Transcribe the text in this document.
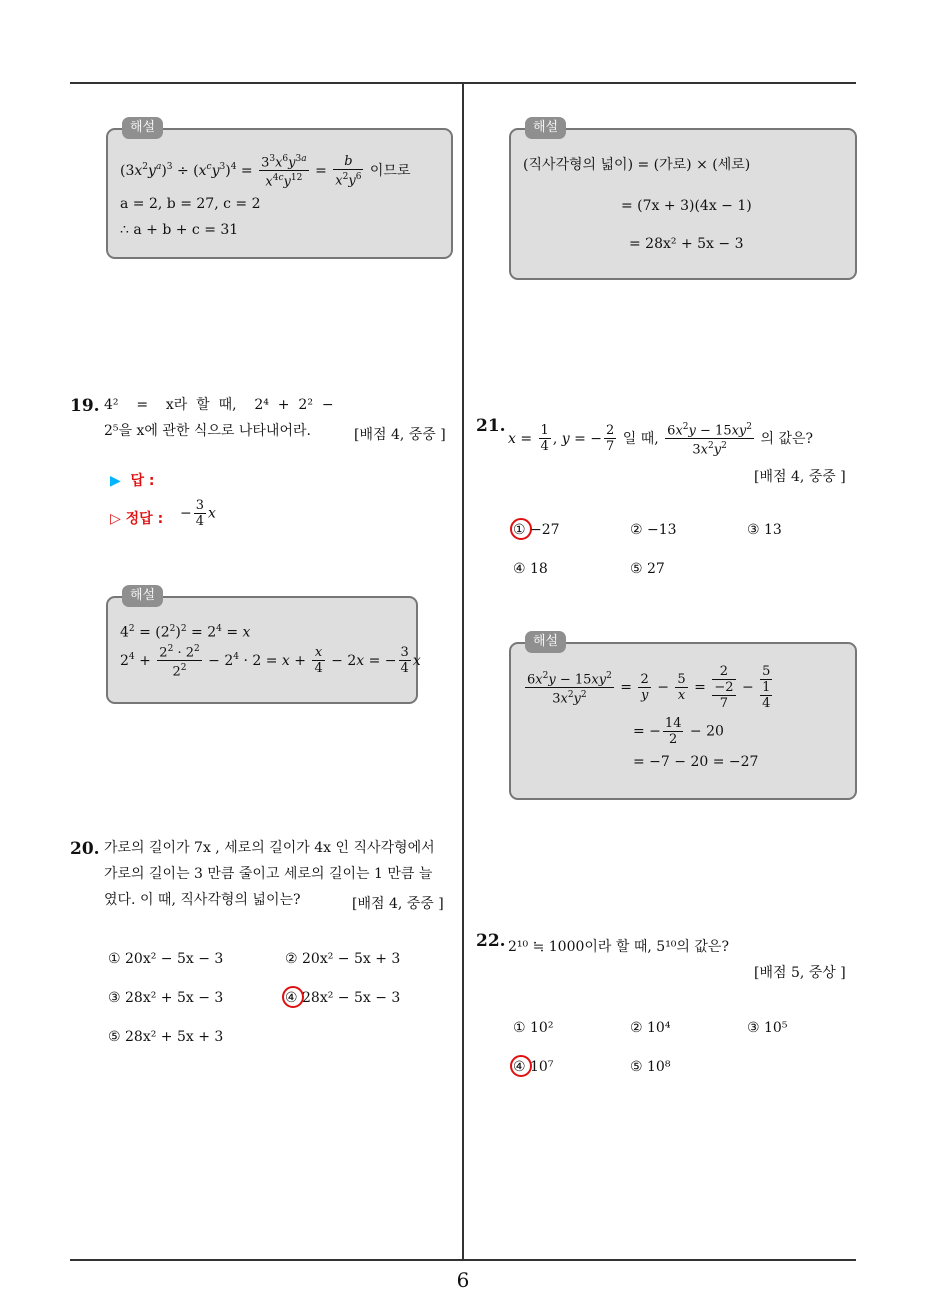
해설
$(3x^2y^a)^3 \div (x^cy^3)^4 = \frac{3^3x^6y^{3a}}{x^{4c}y^{12}} = \frac{b}{x^2y^6}$ 이므로
a = 2, b = 27, c = 2
∴ a + b + c = 31
해설
(직사각형의 넓이) = (가로) × (세로)
= (7x + 3)(4x − 1)
= 28x² + 5x − 3
19. 4²    =    x라  할  때,    2⁴  +  2²  −
2⁵을 x에 관한 식으로 나타내어라.	[배점 4, 중중 ]
▶  답 :
▷ 정답 : − $\frac{3}{4}$ x
해설
$4^2 = (2^2)^2 = 2^4 = x$
$2^4 + \frac{2^2 \cdot 2^2}{2^2} - 2^4 \cdot 2 = x + \frac{x}{4} - 2x$ = − $\frac{3}{4}$ x
21.
$x = \frac{1}{4}$ , y = − $\frac{2}{7}$ 일 때, $\frac{6x^2y - 15xy^2}{3x^2y^2}$ 의 값은?
[배점 4, 중중 ]
① −27	② −13	③ 13
④ 18	⑤ 27
해설
$\frac{6x^2y - 15xy^2}{3x^2y^2} = \frac{2}{y} - \frac{5}{x}$ =
2
−2
7
−
5
1
4
= − $\frac{14}{2} - 20$
= −7 − 20 = −27
20. 가로의 길이가 7x , 세로의 길이가 4x 인 직사각형에서
가로의 길이는 3 만큼 줄이고 세로의 길이는 1 만큼 늘
였다. 이 때, 직사각형의 넓이는?	[배점 4, 중중 ]
① 20x² − 5x − 3	② 20x² − 5x + 3
③ 28x² + 5x − 3	④ 28x² − 5x − 3
⑤ 28x² + 5x + 3
22. 2¹⁰ ≒ 1000이라 할 때, 5¹⁰의 값은?
[배점 5, 중상 ]
① 10²	② 10⁴	③ 10⁵
④ 10⁷	⑤ 10⁸
6
